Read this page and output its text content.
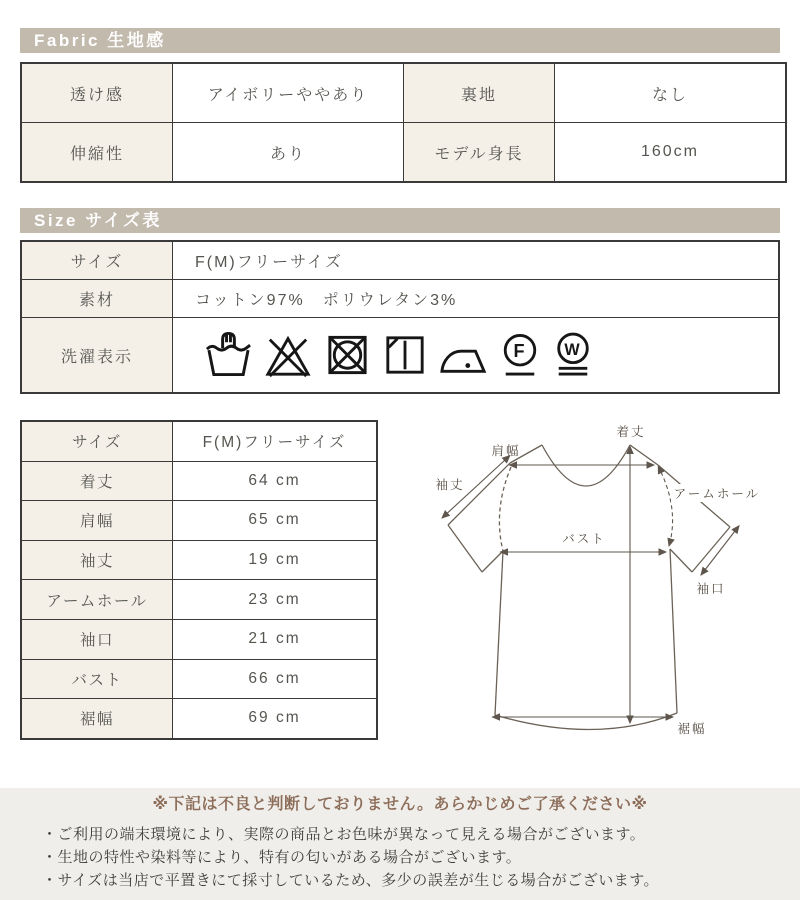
Fabric 生地感
透け感	アイボリーややあり	裏地	なし
伸縮性	あり	モデル身長	160cm
Size サイズ表
サイズ	F(M)フリーサイズ
素材	コットン97%　ポリウレタン3%
洗濯表示	F W
サイズ	F(M)フリーサイズ
着丈	64 cm
肩幅	65 cm
袖丈	19 cm
アームホール	23 cm
袖口	21 cm
バスト	66 cm
裾幅	69 cm
着丈
肩幅
袖丈
アームホール
バスト
袖口
裾幅
※下記は不良と判断しておりません。あらかじめご了承ください※
・ご利用の端末環境により、実際の商品とお色味が異なって見える場合がございます。
・生地の特性や染料等により、特有の匂いがある場合がございます。
・サイズは当店で平置きにて採寸しているため、多少の誤差が生じる場合がございます。
